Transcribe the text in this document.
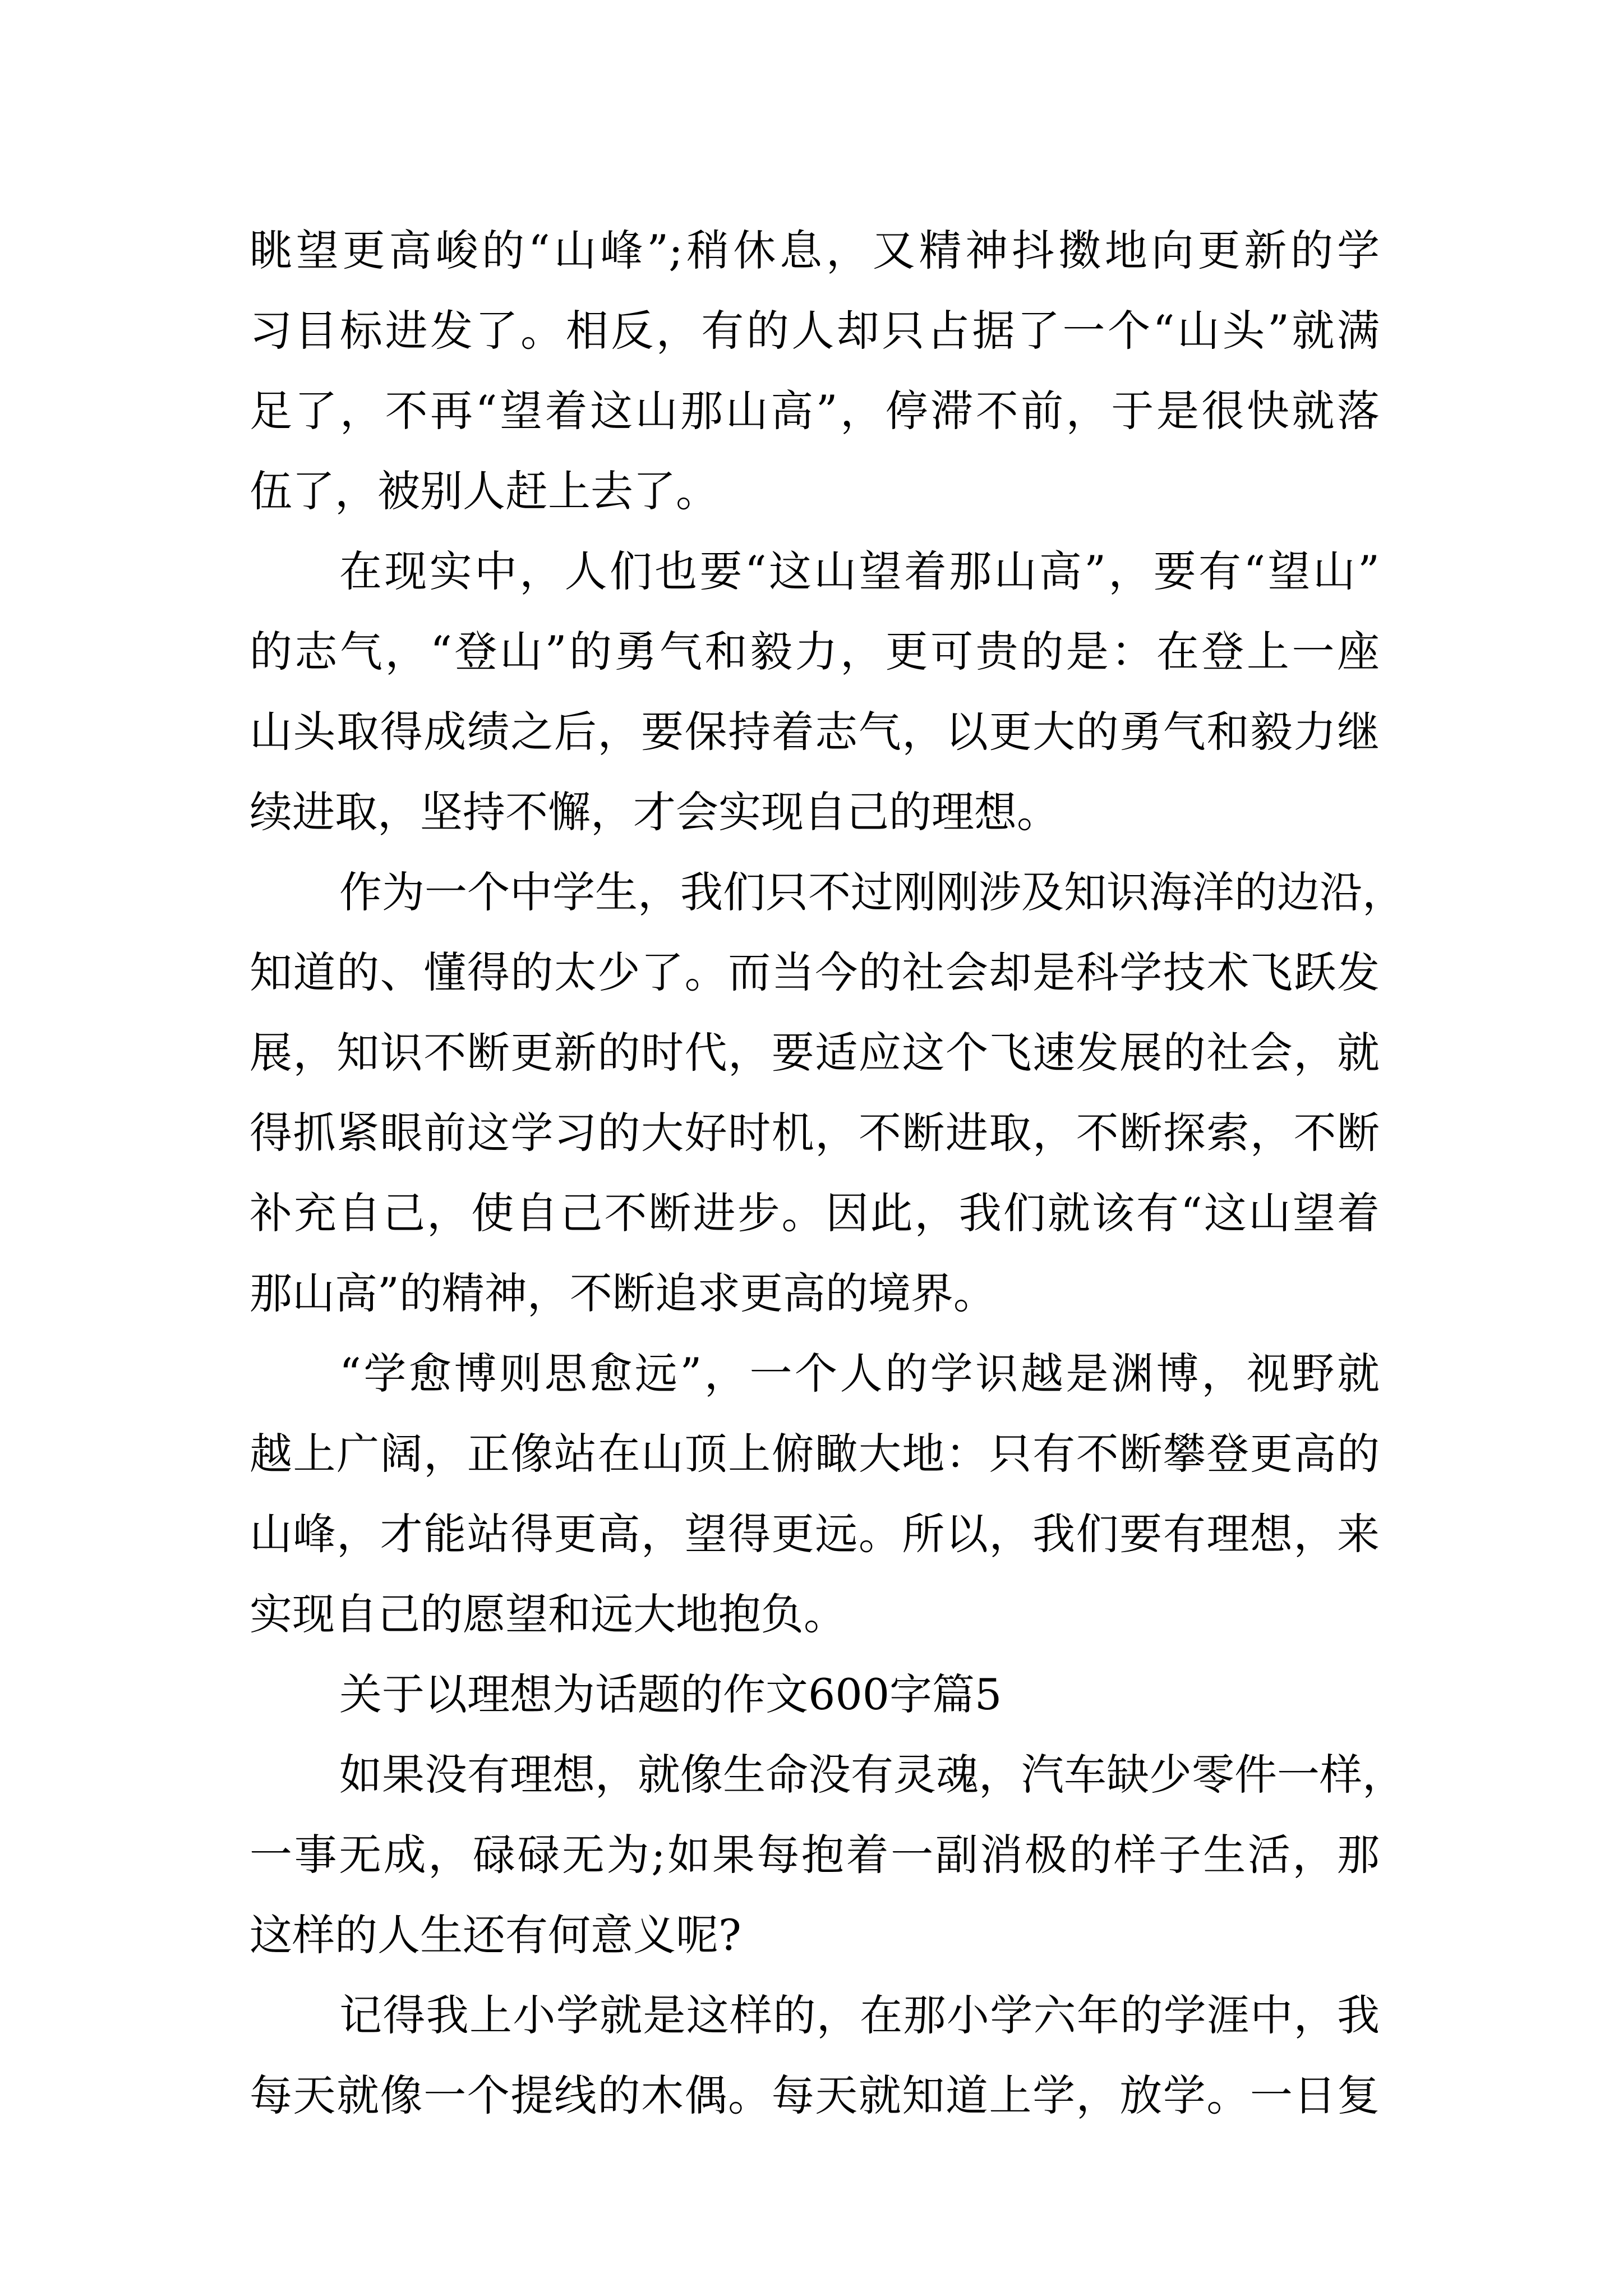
眺望更高峻的“山峰”;稍休息，又精神抖擞地向更新的学
习目标进发了。相反，有的人却只占据了一个“山头”就满
足了，不再“望着这山那山高”，停滞不前，于是很快就落
伍了，被别人赶上去了。
在现实中，人们也要“这山望着那山高”，要有“望山”
的志气，“登山”的勇气和毅力，更可贵的是：在登上一座
山头取得成绩之后，要保持着志气，以更大的勇气和毅力继
续进取，坚持不懈，才会实现自己的理想。
作为一个中学生，我们只不过刚刚涉及知识海洋的边沿，
知道的、懂得的太少了。而当今的社会却是科学技术飞跃发
展，知识不断更新的时代，要适应这个飞速发展的社会，就
得抓紧眼前这学习的大好时机，不断进取，不断探索，不断
补充自己，使自己不断进步。因此，我们就该有“这山望着
那山高”的精神，不断追求更高的境界。
“学愈博则思愈远”，一个人的学识越是渊博，视野就
越上广阔，正像站在山顶上俯瞰大地：只有不断攀登更高的
山峰，才能站得更高，望得更远。所以，我们要有理想，来
实现自己的愿望和远大地抱负。
关于以理想为话题的作文600字篇5
如果没有理想，就像生命没有灵魂，汽车缺少零件一样，
一事无成，碌碌无为;如果每抱着一副消极的样子生活，那
这样的人生还有何意义呢?
记得我上小学就是这样的，在那小学六年的学涯中，我
每天就像一个提线的木偶。每天就知道上学，放学。一日复
